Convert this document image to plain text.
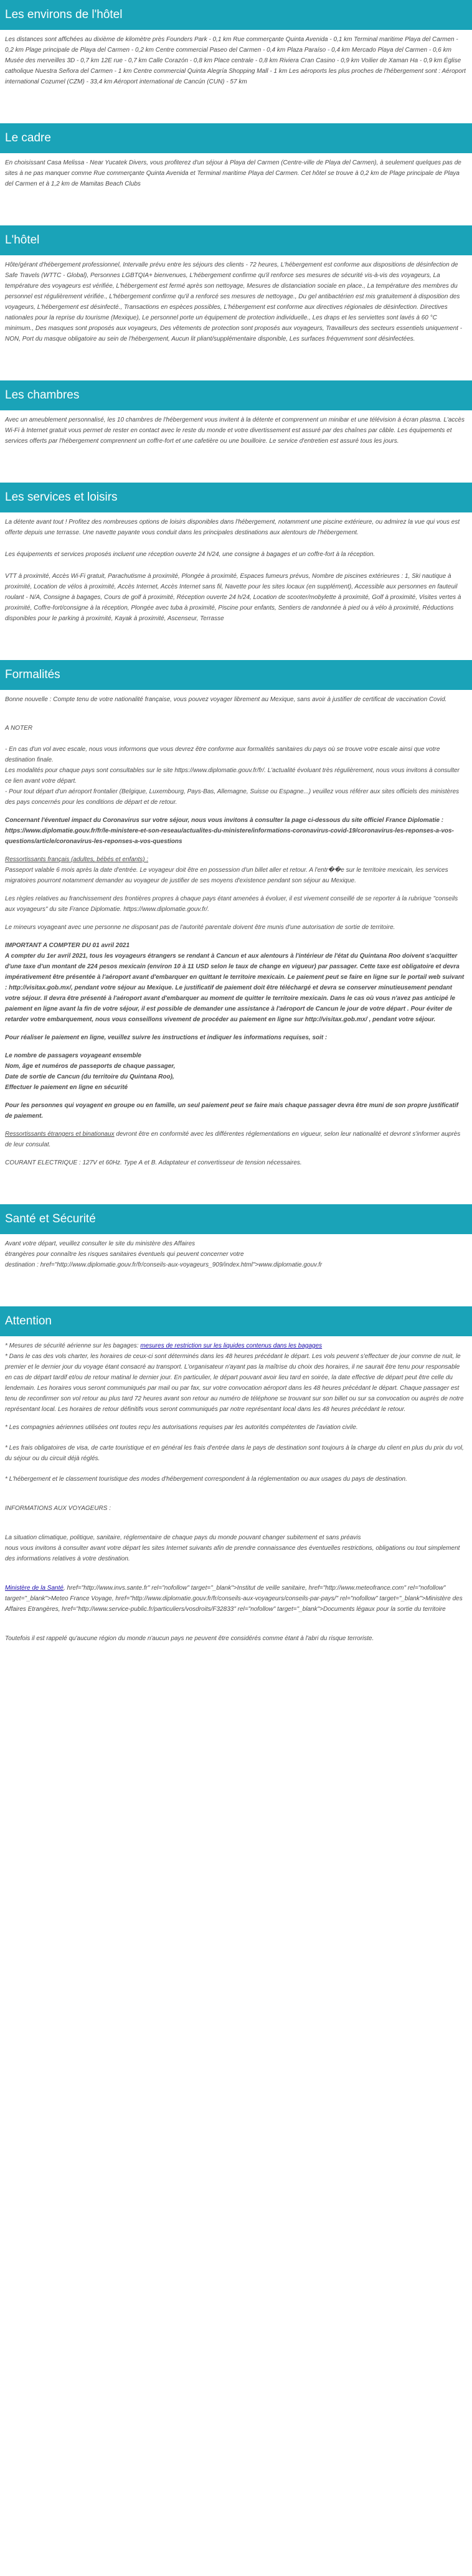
Les environs de l'hôtel

Les distances sont affichées au dixième de kilomètre près Founders Park - 0,1 km Rue commerçante Quinta Avenida - 0,1 km Terminal maritime Playa del Carmen - 0,2 km Plage principale de Playa del Carmen - 0,2 km Centre commercial Paseo del Carmen - 0,4 km Plaza Paraíso - 0,4 km Mercado Playa del Carmen - 0,6 km Musée des merveilles 3D - 0,7 km 12E rue - 0,7 km Calle Corazón - 0,8 km Place centrale - 0,8 km Riviera Cran Casino - 0,9 km Voilier de Xaman Ha - 0,9 km Église catholique Nuestra Señora del Carmen - 1 km Centre commercial Quinta Alegría Shopping Mall - 1 km Les aéroports les plus proches de l'hébergement sont : Aéroport international Cozumel (CZM) - 33,4 km Aéroport international de Cancún (CUN) - 57 km

Le cadre

En choisissant Casa Melissa - Near Yucatek Divers, vous profiterez d'un séjour à Playa del Carmen (Centre-ville de Playa del Carmen), à seulement quelques pas de sites à ne pas manquer comme Rue commerçante Quinta Avenida et Terminal maritime Playa del Carmen. Cet hôtel se trouve à 0,2 km de Plage principale de Playa del Carmen et à 1,2 km de Mamitas Beach Clubs

L'hôtel

Hôte/gérant d'hébergement professionnel, Intervalle prévu entre les séjours des clients - 72 heures, L'hébergement est conforme aux dispositions de désinfection de Safe Travels (WTTC - Global), Personnes LGBTQIA+ bienvenues, L'hébergement confirme qu'il renforce ses mesures de sécurité vis-à-vis des voyageurs, La température des voyageurs est vérifiée, L'hébergement est fermé après son nettoyage, Mesures de distanciation sociale en place., La température des membres du personnel est régulièrement vérifiée., L'hébergement confirme qu'il a renforcé ses mesures de nettoyage., Du gel antibactérien est mis gratuitement à disposition des voyageurs, L'hébergement est désinfecté., Transactions en espèces possibles, L'hébergement est conforme aux directives régionales de désinfection. Directives nationales pour la reprise du tourisme (Mexique), Le personnel porte un équipement de protection individuelle., Les draps et les serviettes sont lavés à 60 °C minimum., Des masques sont proposés aux voyageurs, Des vêtements de protection sont proposés aux voyageurs, Travailleurs des secteurs essentiels uniquement - NON, Port du masque obligatoire au sein de l'hébergement, Aucun lit pliant/supplémentaire disponible, Les surfaces fréquemment sont désinfectées.

Les chambres

Avec un ameublement personnalisé, les 10 chambres de l'hébergement vous invitent à la détente et comprennent un minibar et une télévision à écran plasma. L'accès Wi-Fi à Internet gratuit vous permet de rester en contact avec le reste du monde et votre divertissement est assuré par des chaînes par câble. Les équipements et services offerts par l'hébergement comprennent un coffre-fort et une cafetière ou une bouilloire. Le service d'entretien est assuré tous les jours.

Les services et loisirs

La détente avant tout ! Profitez des nombreuses options de loisirs disponibles dans l'hébergement, notamment une piscine extérieure, ou admirez la vue qui vous est offerte depuis une terrasse. Une navette payante vous conduit dans les principales destinations aux alentours de l'hébergement.

Les équipements et services proposés incluent une réception ouverte 24 h/24, une consigne à bagages et un coffre-fort à la réception.

VTT à proximité, Accès Wi-Fi gratuit, Parachutisme à proximité, Plongée à proximité, Espaces fumeurs prévus, Nombre de piscines extérieures : 1, Ski nautique à proximité, Location de vélos à proximité, Accès Internet, Accès Internet sans fil, Navette pour les sites locaux (en supplément), Accessible aux personnes en fauteuil roulant - N/A, Consigne à bagages, Cours de golf à proximité, Réception ouverte 24 h/24, Location de scooter/mobylette à proximité, Golf à proximité, Visites vertes à proximité, Coffre-fort/consigne à la réception, Plongée avec tuba à proximité, Piscine pour enfants, Sentiers de randonnée à pied ou à vélo à proximité, Réductions disponibles pour le parking à proximité, Kayak à proximité, Ascenseur, Terrasse

Formalités

Bonne nouvelle : Compte tenu de votre nationalité française, vous pouvez voyager librement au Mexique, sans avoir à justifier de certificat de vaccination Covid.

A NOTER

- En cas d'un vol avec escale, nous vous informons que vous devrez être conforme aux formalités sanitaires du pays où se trouve votre escale ainsi que votre destination finale.
Les modalités pour chaque pays sont consultables sur le site https://www.diplomatie.gouv.fr/fr/. L'actualité évoluant très régulièrement, nous vous invitons à consulter ce lien avant votre départ.
- Pour tout départ d'un aéroport frontalier (Belgique, Luxembourg, Pays-Bas, Allemagne, Suisse ou Espagne...) veuillez vous référer aux sites officiels des ministères des pays concernés pour les conditions de départ et de retour.

Concernant l'éventuel impact du Coronavirus sur votre séjour, nous vous invitons à consulter la page ci-dessous du site officiel France Diplomatie : https://www.diplomatie.gouv.fr/fr/le-ministere-et-son-reseau/actualites-du-ministere/informations-coronavirus-covid-19/coronavirus-les-reponses-a-vos-questions/article/coronavirus-les-reponses-a-vos-questions

Ressortissants français (adultes, bébés et enfants) :
Passeport valable 6 mois après la date d'entrée. Le voyageur doit être en possession d'un billet aller et retour. A l'entr��e sur le territoire mexicain, les services migratoires pourront notamment demander au voyageur de justifier de ses moyens d'existence pendant son séjour au Mexique.

Les règles relatives au franchissement des frontières propres à chaque pays étant amenées à évoluer, il est vivement conseillé de se reporter à la rubrique "conseils aux voyageurs" du site France Diplomatie. https://www.diplomatie.gouv.fr/.

Le mineurs voyageant avec une personne ne disposant pas de l'autorité parentale doivent être munis d'une autorisation de sortie de territoire.

IMPORTANT A COMPTER DU 01 avril 2021
A compter du 1er avril 2021, tous les voyageurs étrangers se rendant à Cancun et aux alentours à l'intérieur de l'état du Quintana Roo doivent s'acquitter d'une taxe d'un montant de 224 pesos mexicain (environ 10 à 11 USD selon le taux de change en vigueur) par passager. Cette taxe est obligatoire et devra impérativement être présentée à l'aéroport avant d'embarquer en quittant le territoire mexicain. Le paiement peut se faire en ligne sur le portail web suivant : http://visitax.gob.mx/, pendant votre séjour au Mexique. Le justificatif de paiement doit être téléchargé et devra se conserver minutieusement pendant votre séjour. Il devra être présenté à l'aéroport avant d'embarquer au moment de quitter le territoire mexicain. Dans le cas où vous n'avez pas anticipé le paiement en ligne avant la fin de votre séjour, il est possible de demander une assistance à l'aéroport de Cancun le jour de votre départ . Pour éviter de retarder votre embarquement, nous vous conseillons vivement de procéder au paiement en ligne sur http://visitax.gob.mx/ , pendant votre séjour.

Pour réaliser le paiement en ligne, veuillez suivre les instructions et indiquer les informations requises, soit :

Le nombre de passagers voyageant ensemble
Nom, âge et numéros de passeports de chaque passager,
Date de sortie de Cancun (du territoire du Quintana Roo),
Effectuer le paiement en ligne en sécurité

Pour les personnes qui voyagent en groupe ou en famille, un seul paiement peut se faire mais chaque passager devra être muni de son propre justificatif de paiement.

Ressortissants étrangers et binationaux devront être en conformité avec les différentes réglementations en vigueur, selon leur nationalité et devront s'informer auprès de leur consulat.

COURANT ELECTRIQUE : 127V et 60Hz. Type A et B. Adaptateur et convertisseur de tension nécessaires.

Santé et Sécurité

Avant votre départ, veuillez consulter le site du ministère des Affaires
étrangères pour connaître les risques sanitaires éventuels qui peuvent concerner votre
destination : href="http://www.diplomatie.gouv.fr/fr/conseils-aux-voyageurs_909/index.html">www.diplomatie.gouv.fr

Attention

* Mesures de sécurité aérienne sur les bagages: mesures de restriction sur les liquides contenus dans les bagages
* Dans le cas des vols charter, les horaires de ceux-ci sont déterminés dans les 48 heures précédant le départ. Les vols peuvent s'effectuer de jour comme de nuit, le premier et le dernier jour du voyage étant consacré au transport. L'organisateur n'ayant pas la maîtrise du choix des horaires, il ne saurait être tenu pour responsable en cas de départ tardif et/ou de retour matinal le dernier jour. En particulier, le départ pouvant avoir lieu tard en soirée, la date effective de départ peut être celle du lendemain. Les horaires vous seront communiqués par mail ou par fax, sur votre convocation aéroport dans les 48 heures précédant le départ. Chaque passager est tenu de reconfirmer son vol retour au plus tard 72 heures avant son retour au numéro de téléphone se trouvant sur son billet ou sur sa convocation ou auprès de notre représentant local. Les horaires de retour définitifs vous seront communiqués par notre représentant local dans les 48 heures précédant le retour.

* Les compagnies aériennes utilisées ont toutes reçu les autorisations requises par les autorités compétentes de l'aviation civile.

* Les frais obligatoires de visa, de carte touristique et en général les frais d'entrée dans le pays de destination sont toujours à la charge du client en plus du prix du vol, du séjour ou du circuit déjà réglés.

* L'hébergement et le classement touristique des modes d'hébergement correspondent à la réglementation ou aux usages du pays de destination.

INFORMATIONS AUX VOYAGEURS :

La situation climatique, politique, sanitaire, réglementaire de chaque pays du monde pouvant changer subitement et sans préavis
nous vous invitons à consulter avant votre départ les sites Internet suivants afin de prendre connaissance des éventuelles restrictions, obligations ou tout simplement des informations relatives à votre destination.

Ministère de la Santé, href="http://www.invs.sante.fr" rel="nofollow" target="_blank">Institut de veille sanitaire, href="http://www.meteofrance.com" rel="nofollow" target="_blank">Meteo France Voyage, href="http://www.diplomatie.gouv.fr/fr/conseils-aux-voyageurs/conseils-par-pays/" rel="nofollow" target="_blank">Ministère des Affaires Etrangères, href="http://www.service-public.fr/particuliers/vosdroits/F32833" rel="nofollow" target="_blank">Documents légaux pour la sortie du territoire

Toutefois il est rappelé qu'aucune région du monde n'aucun pays ne peuvent être considérés comme étant à l'abri du risque terroriste.
